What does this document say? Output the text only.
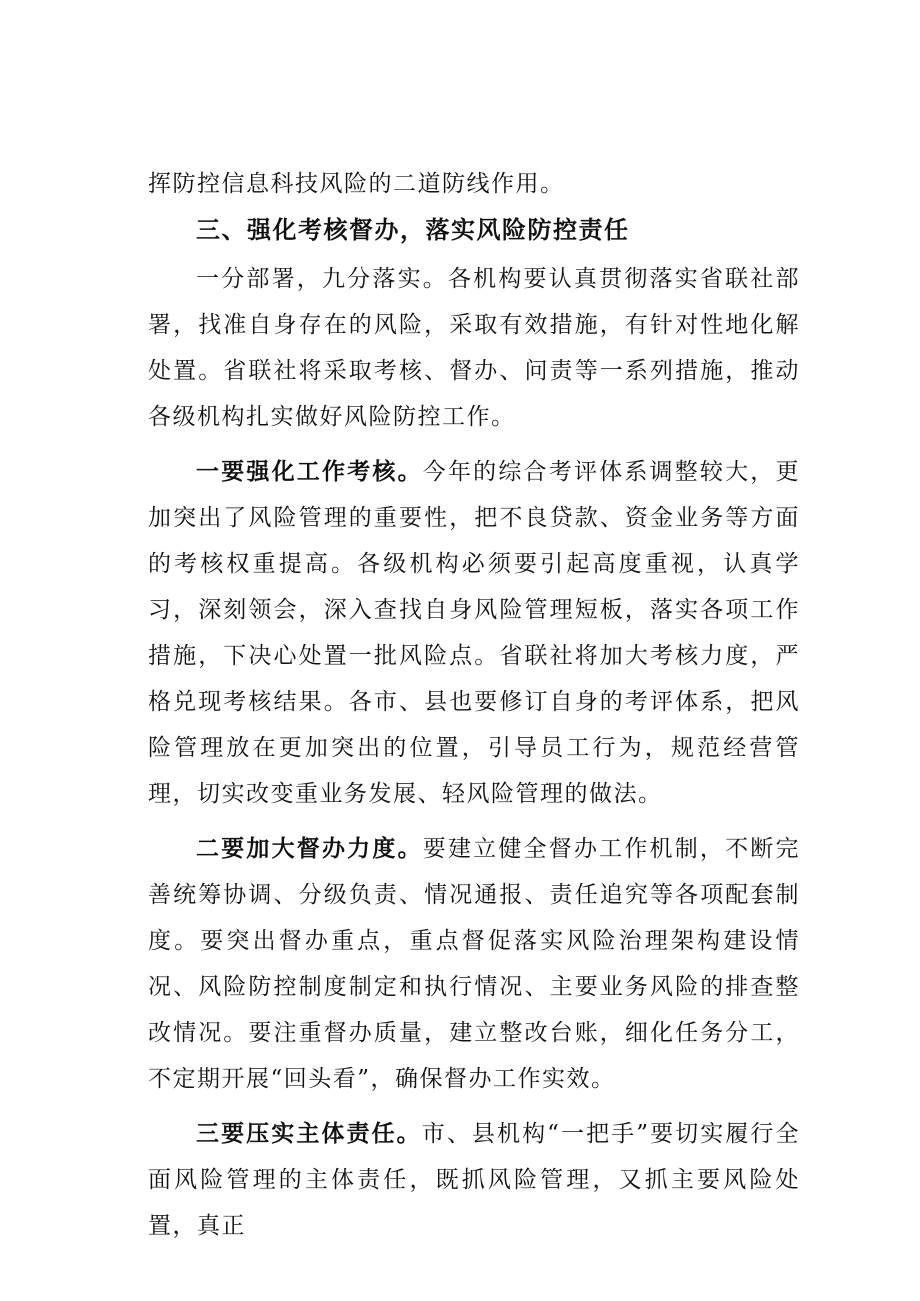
挥防控信息科技风险的二道防线作用。

三、强化考核督办，落实风险防控责任

一分部署，九分落实。各机构要认真贯彻落实省联社部署，找准自身存在的风险，采取有效措施，有针对性地化解处置。省联社将采取考核、督办、问责等一系列措施，推动各级机构扎实做好风险防控工作。

一要强化工作考核。今年的综合考评体系调整较大，更加突出了风险管理的重要性，把不良贷款、资金业务等方面的考核权重提高。各级机构必须要引起高度重视，认真学习，深刻领会，深入查找自身风险管理短板，落实各项工作措施，下决心处置一批风险点。省联社将加大考核力度，严格兑现考核结果。各市、县也要修订自身的考评体系，把风险管理放在更加突出的位置，引导员工行为，规范经营管理，切实改变重业务发展、轻风险管理的做法。

二要加大督办力度。要建立健全督办工作机制，不断完善统筹协调、分级负责、情况通报、责任追究等各项配套制度。要突出督办重点，重点督促落实风险治理架构建设情况、风险防控制度制定和执行情况、主要业务风险的排查整改情况。要注重督办质量，建立整改台账，细化任务分工，不定期开展“回头看”，确保督办工作实效。

三要压实主体责任。市、县机构“一把手”要切实履行全面风险管理的主体责任，既抓风险管理，又抓主要风险处置，真正
